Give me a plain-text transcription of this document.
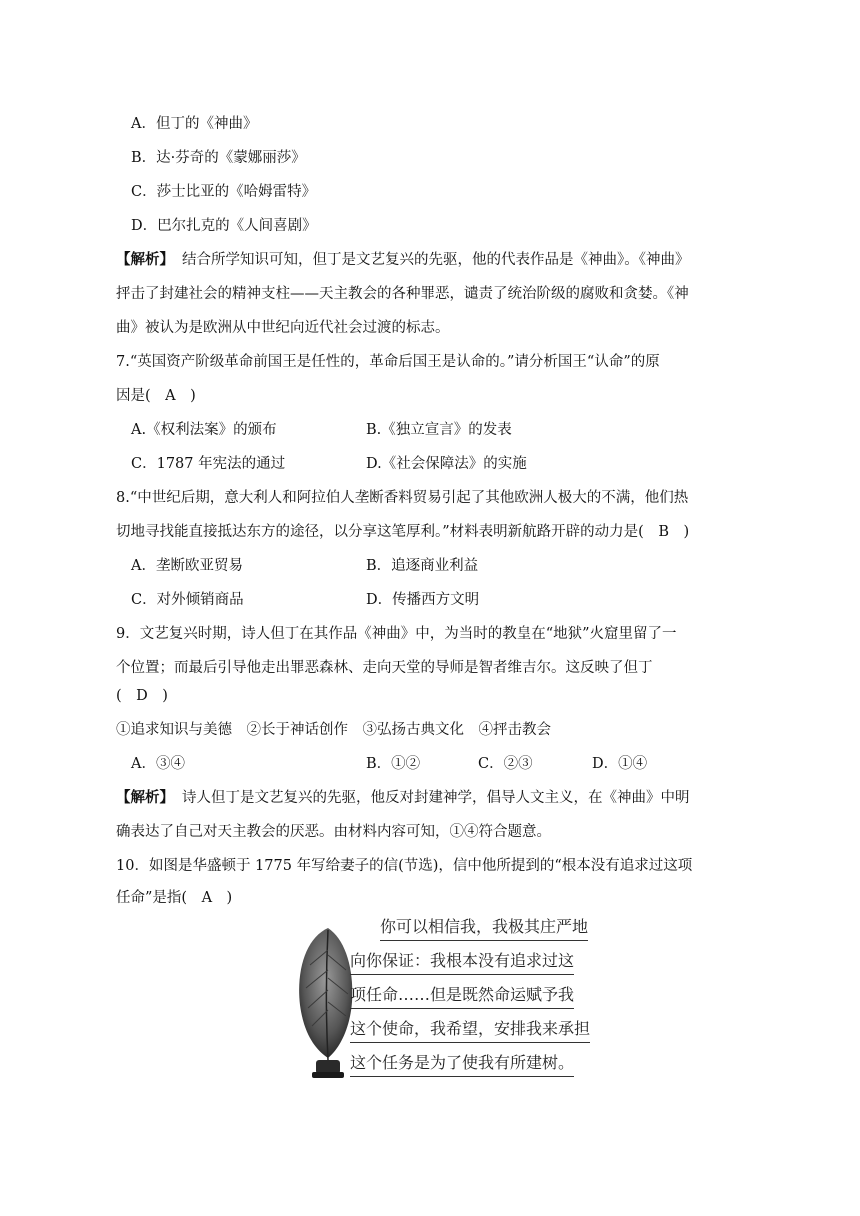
A．但丁的《神曲》
B．达·芬奇的《蒙娜丽莎》
C．莎士比亚的《哈姆雷特》
D．巴尔扎克的《人间喜剧》
【解析】 结合所学知识可知，但丁是文艺复兴的先驱，他的代表作品是《神曲》。《神曲》
抨击了封建社会的精神支柱——天主教会的各种罪恶，谴责了统治阶级的腐败和贪婪。《神
曲》被认为是欧洲从中世纪向近代社会过渡的标志。
7.“英国资产阶级革命前国王是任性的，革命后国王是认命的。”请分析国王“认命”的原
因是(　A　)
A.《权利法案》的颁布	B.《独立宣言》的发表
C．1787 年宪法的通过	D.《社会保障法》的实施
8.“中世纪后期，意大利人和阿拉伯人垄断香料贸易引起了其他欧洲人极大的不满，他们热
切地寻找能直接抵达东方的途径，以分享这笔厚利。”材料表明新航路开辟的动力是(　B　)
A．垄断欧亚贸易	B．追逐商业利益
C．对外倾销商品	D．传播西方文明
9．文艺复兴时期，诗人但丁在其作品《神曲》中，为当时的教皇在“地狱”火窟里留了一
个位置；而最后引导他走出罪恶森林、走向天堂的导师是智者维吉尔。这反映了但丁
(　D　)
①追求知识与美德　②长于神话创作　③弘扬古典文化　④抨击教会
A．③④	B．①②	C．②③	D．①④
【解析】 诗人但丁是文艺复兴的先驱，他反对封建神学，倡导人文主义，在《神曲》中明
确表达了自己对天主教会的厌恶。由材料内容可知，①④符合题意。
10．如图是华盛顿于 1775 年写给妻子的信(节选)，信中他所提到的“根本没有追求过这项
任命”是指(　A　)
你可以相信我，我极其庄严地
向你保证：我根本没有追求过这
项任命……但是既然命运赋予我
这个使命，我希望，安排我来承担
这个任务是为了使我有所建树。
